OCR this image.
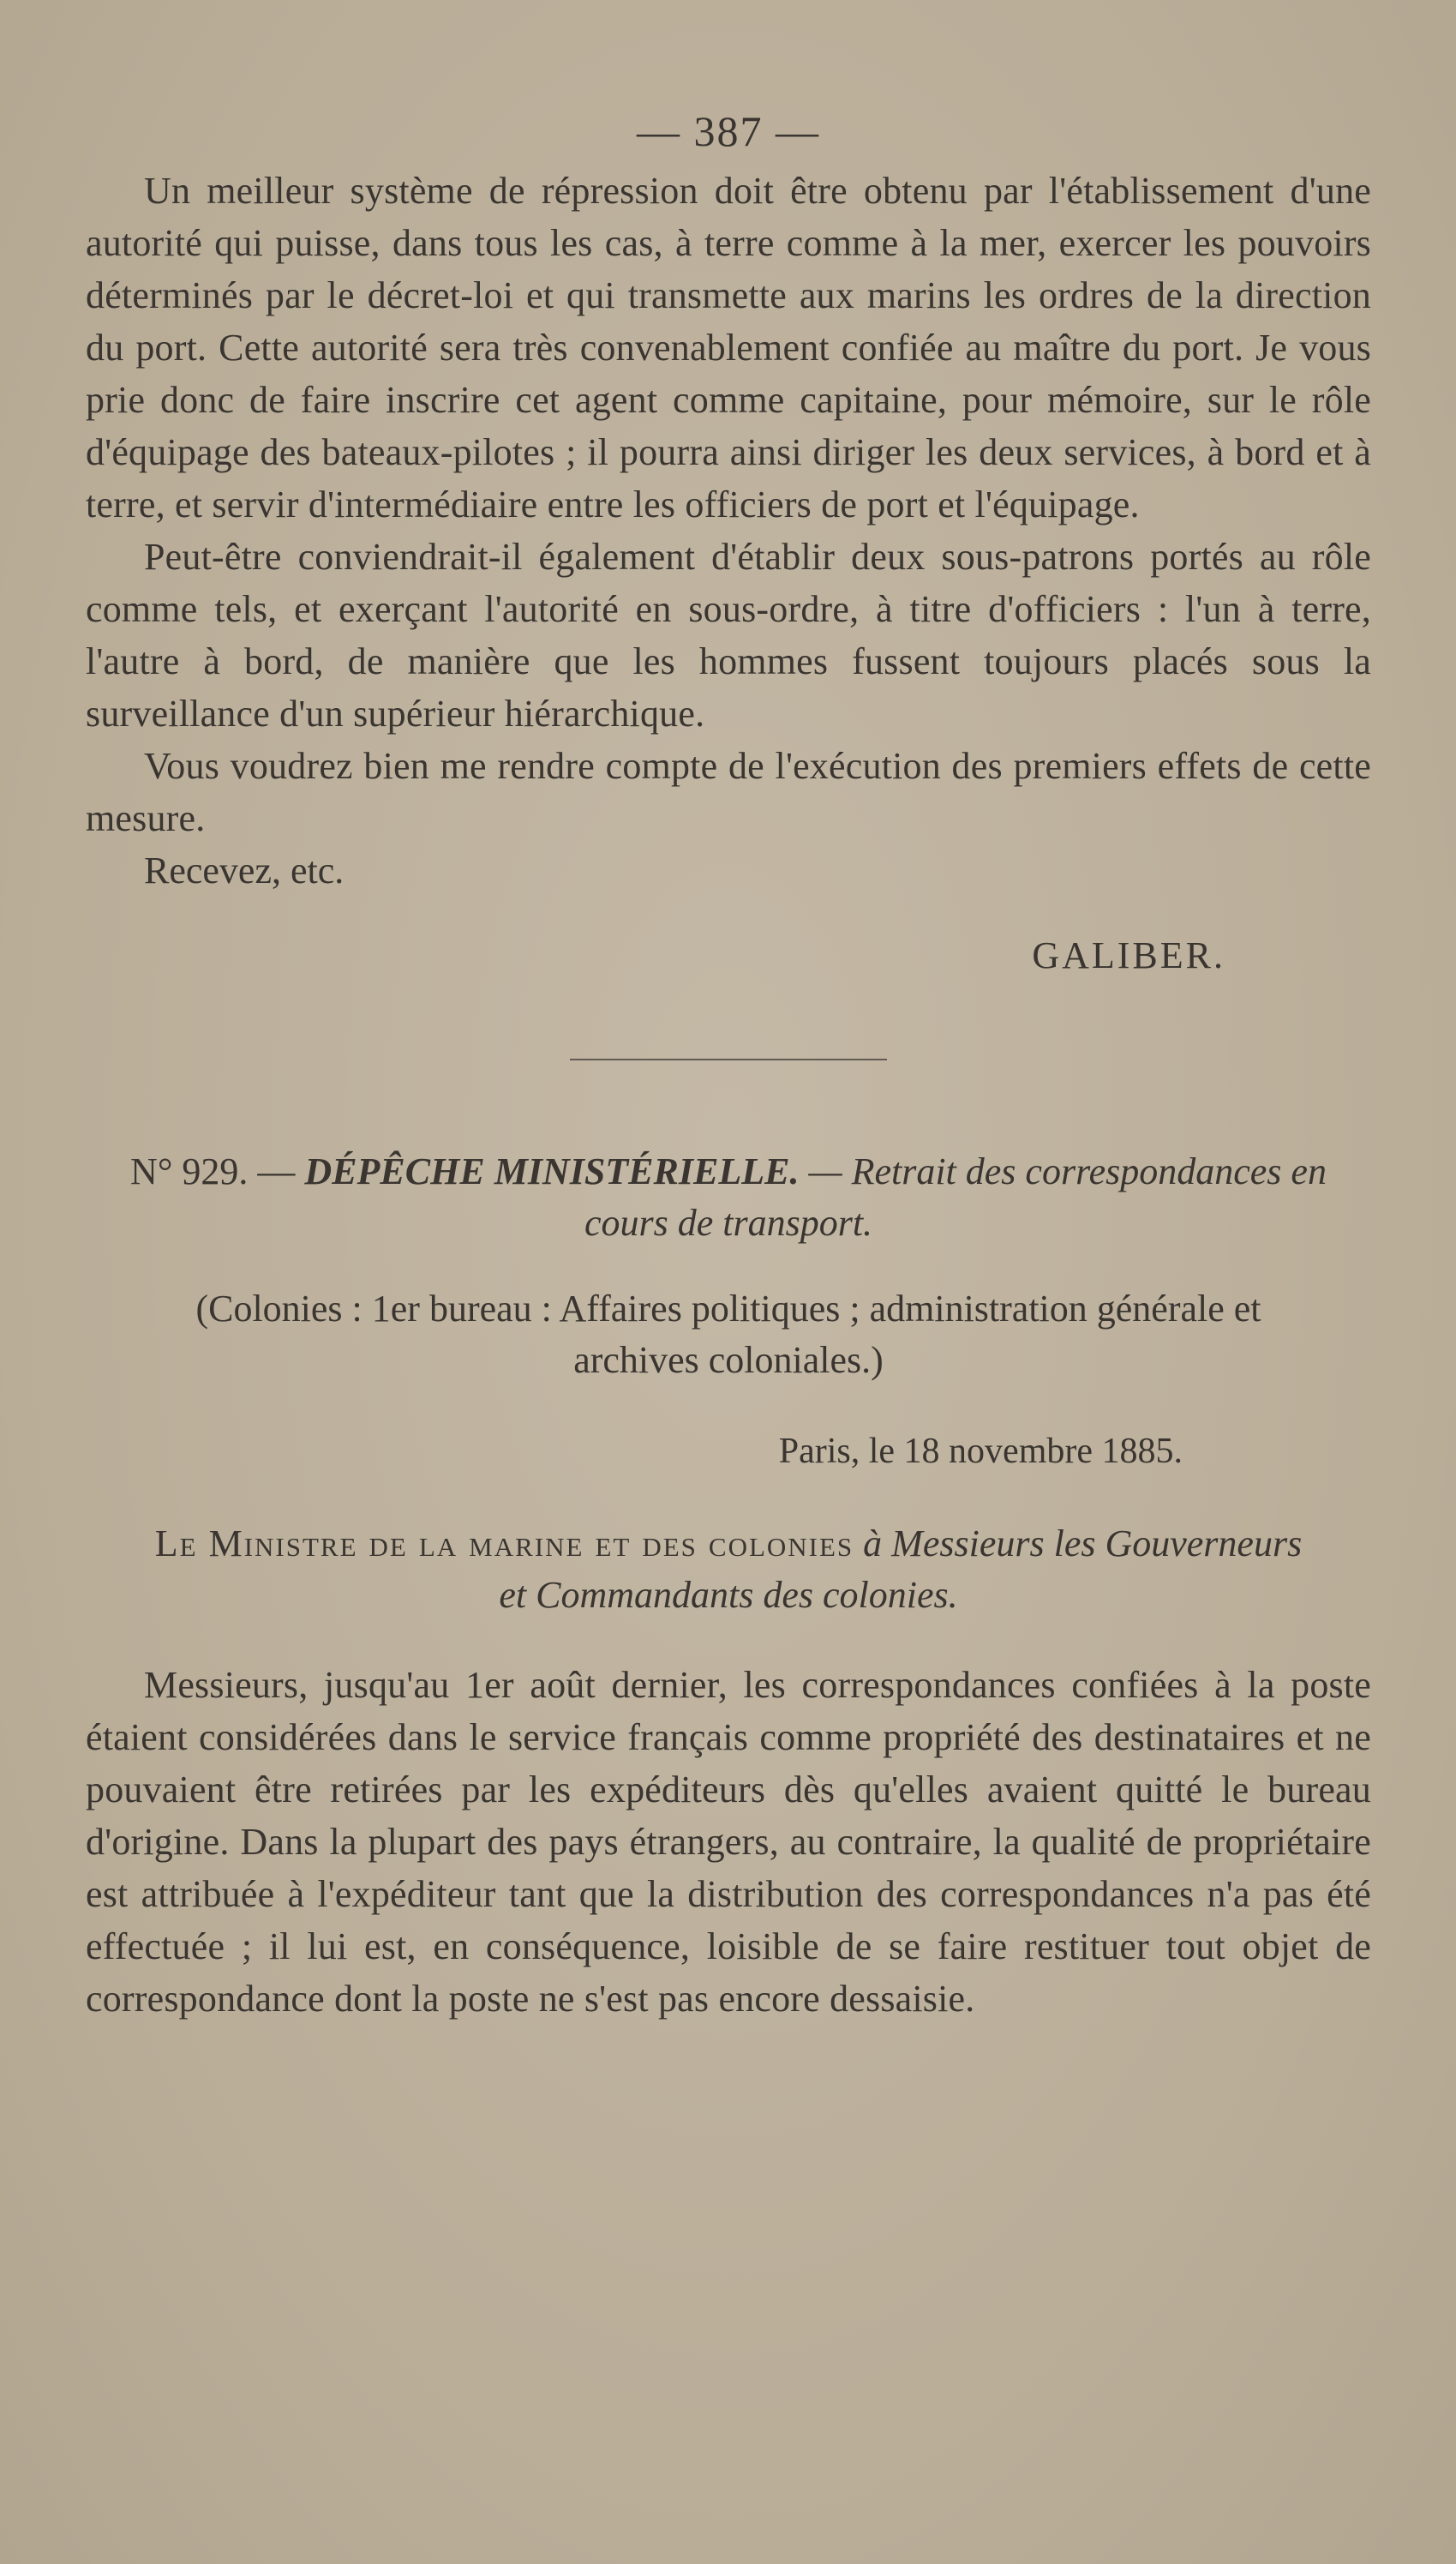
— 387 —

Un meilleur système de répression doit être obtenu par l'établissement d'une autorité qui puisse, dans tous les cas, à terre comme à la mer, exercer les pouvoirs déterminés par le décret-loi et qui transmette aux marins les ordres de la direction du port. Cette autorité sera très convenablement confiée au maître du port. Je vous prie donc de faire inscrire cet agent comme capitaine, pour mémoire, sur le rôle d'équipage des bateaux-pilotes ; il pourra ainsi diriger les deux services, à bord et à terre, et servir d'intermédiaire entre les officiers de port et l'équipage.

Peut-être conviendrait-il également d'établir deux sous-patrons portés au rôle comme tels, et exerçant l'autorité en sous-ordre, à titre d'officiers : l'un à terre, l'autre à bord, de manière que les hommes fussent toujours placés sous la surveillance d'un supérieur hiérarchique.

Vous voudrez bien me rendre compte de l'exécution des premiers effets de cette mesure.

Recevez, etc.

GALIBER.

N° 929. — DÉPÊCHE MINISTÉRIELLE. — Retrait des correspondances en cours de transport.

(Colonies : 1er bureau : Affaires politiques ; administration générale et archives coloniales.)

Paris, le 18 novembre 1885.

Le Ministre de la marine et des colonies à Messieurs les Gouverneurs et Commandants des colonies.

Messieurs, jusqu'au 1er août dernier, les correspondances confiées à la poste étaient considérées dans le service français comme propriété des destinataires et ne pouvaient être retirées par les expéditeurs dès qu'elles avaient quitté le bureau d'origine. Dans la plupart des pays étrangers, au contraire, la qualité de propriétaire est attribuée à l'expéditeur tant que la distribution des correspondances n'a pas été effectuée ; il lui est, en conséquence, loisible de se faire restituer tout objet de correspondance dont la poste ne s'est pas encore dessaisie.
